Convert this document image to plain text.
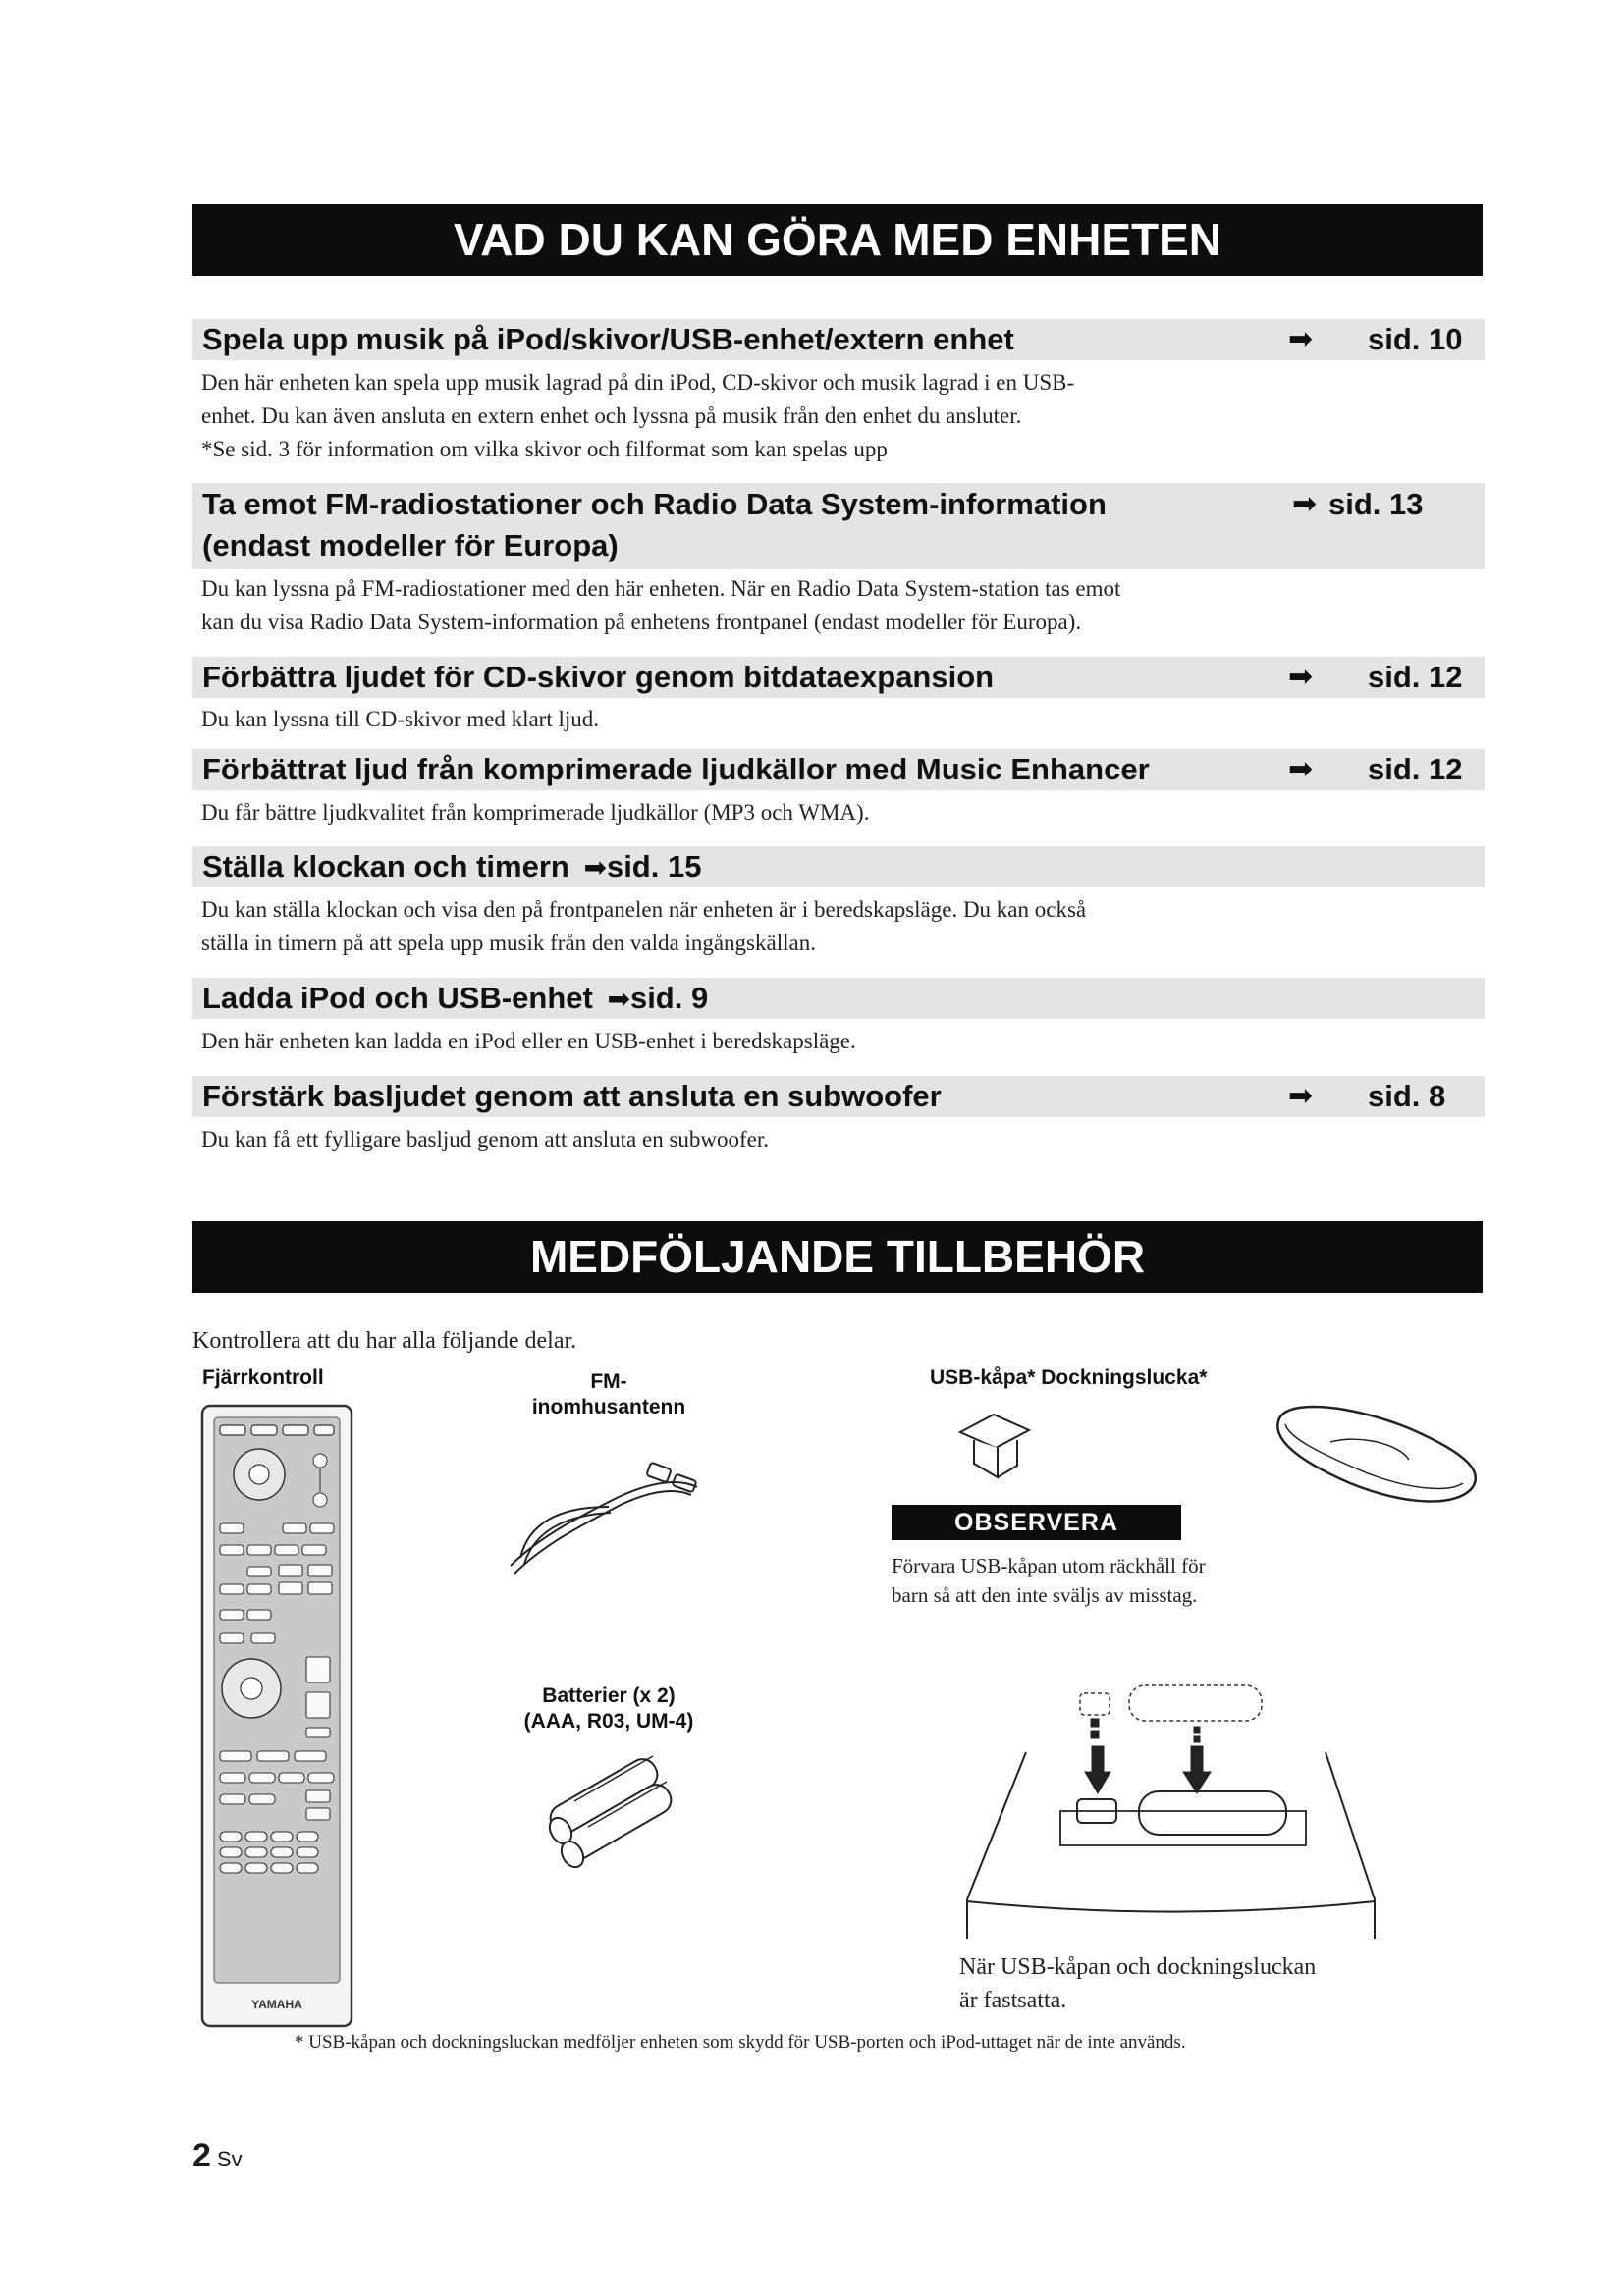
VAD DU KAN GÖRA MED ENHETEN
Spela upp musik på iPod/skivor/USB-enhet/extern enhet	➡ sid. 10
Den här enheten kan spela upp musik lagrad på din iPod, CD-skivor och musik lagrad i en USB-
enhet. Du kan även ansluta en extern enhet och lyssna på musik från den enhet du ansluter.
*Se sid. 3 för information om vilka skivor och filformat som kan spelas upp
Ta emot FM-radiostationer och Radio Data System-information
(endast modeller för Europa)
➡ sid. 13
Du kan lyssna på FM-radiostationer med den här enheten. När en Radio Data System-station tas emot
kan du visa Radio Data System-information på enhetens frontpanel (endast modeller för Europa).
Förbättra ljudet för CD-skivor genom bitdataexpansion	➡ sid. 12
Du kan lyssna till CD-skivor med klart ljud.
Förbättrat ljud från komprimerade ljudkällor med Music Enhancer	➡ sid. 12
Du får bättre ljudkvalitet från komprimerade ljudkällor (MP3 och WMA).
Ställa klockan och timern ➡sid. 15
Du kan ställa klockan och visa den på frontpanelen när enheten är i beredskapsläge. Du kan också
ställa in timern på att spela upp musik från den valda ingångskällan.
Ladda iPod och USB-enhet ➡sid. 9
Den här enheten kan ladda en iPod eller en USB-enhet i beredskapsläge.
Förstärk basljudet genom att ansluta en subwoofer	➡ sid. 8
Du kan få ett fylligare basljud genom att ansluta en subwoofer.
MEDFÖLJANDE TILLBEHÖR
Kontrollera att du har alla följande delar.
Fjärrkontroll	FM-
inomhusantenn
USB-kåpa* Dockningslucka*
Batterier (x 2)
(AAA, R03, UM-4)
OBSERVERA
Förvara USB-kåpan utom räckhåll för
barn så att den inte sväljs av misstag.
När USB-kåpan och dockningsluckan
är fastsatta.
* USB-kåpan och dockningsluckan medföljer enheten som skydd för USB-porten och iPod-uttaget när de inte används.
YAMAHA
2 Sv
